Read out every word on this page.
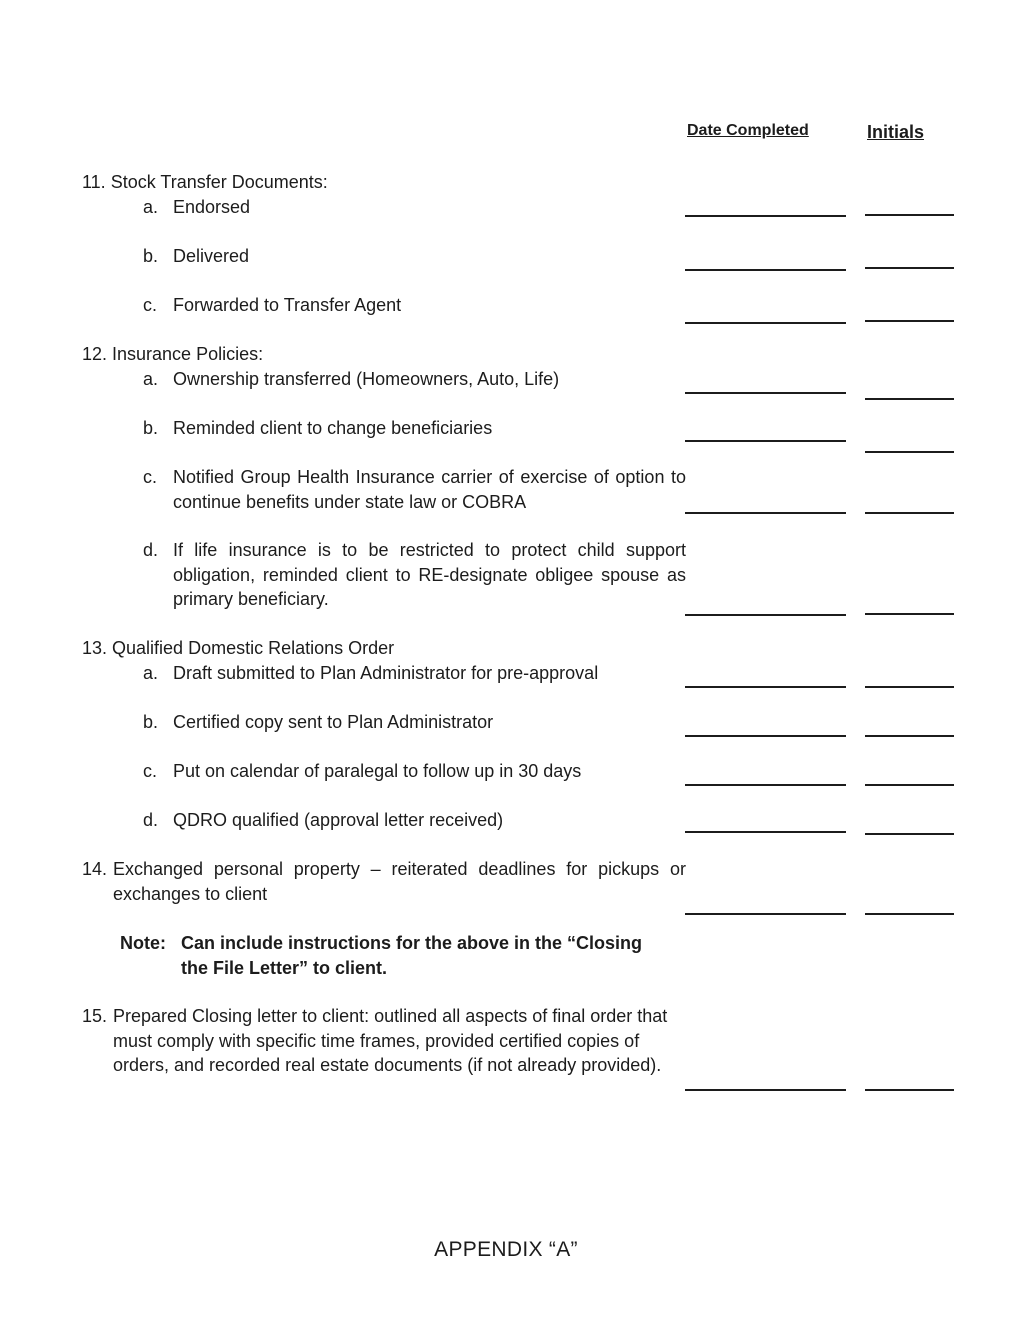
Date Completed	Initials
11. Stock Transfer Documents:
a. Endorsed
b. Delivered
c. Forwarded to Transfer Agent
12. Insurance Policies:
a. Ownership transferred (Homeowners, Auto, Life)
b. Reminded client to change beneficiaries
c. Notified Group Health Insurance carrier of exercise of option to continue benefits under state law or COBRA
d. If life insurance is to be restricted to protect child support obligation, reminded client to RE-designate obligee spouse as primary beneficiary.
13. Qualified Domestic Relations Order
a. Draft submitted to Plan Administrator for pre-approval
b. Certified copy sent to Plan Administrator
c. Put on calendar of paralegal to follow up in 30 days
d. QDRO qualified (approval letter received)
14. Exchanged personal property – reiterated deadlines for pickups or exchanges to client
Note: Can include instructions for the above in the “Closing the File Letter” to client.
15. Prepared Closing letter to client: outlined all aspects of final order that must comply with specific time frames, provided certified copies of orders, and recorded real estate documents (if not already provided).
APPENDIX “A”
